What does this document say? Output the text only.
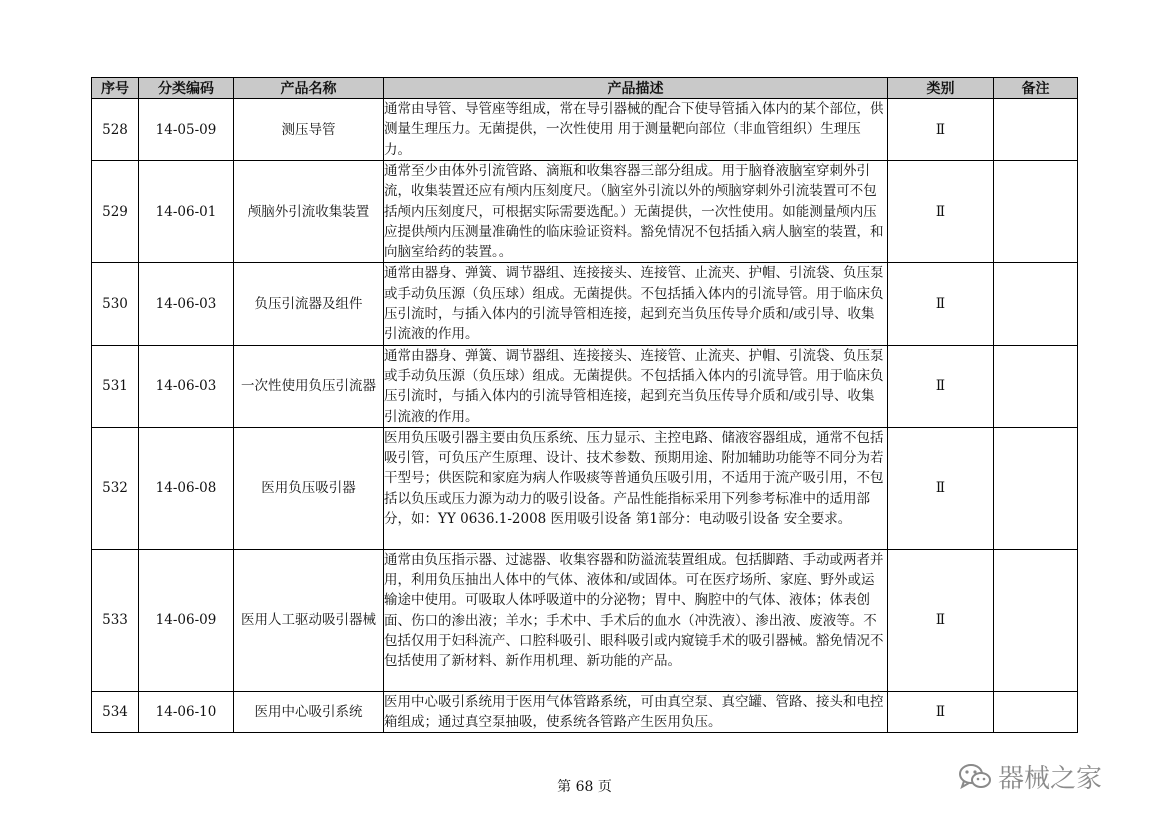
序号	分类编码	产品名称	产品描述	类别	备注
528	14-05-09	测压导管	通常由导管、导管座等组成，常在导引器械的配合下使导管插入体内的某个部位，供测量生理压力。无菌提供，一次性使用 用于测量靶向部位（非血管组织）生理压力。	Ⅱ	
529	14-06-01	颅脑外引流收集装置	通常至少由体外引流管路、滴瓶和收集容器三部分组成。用于脑脊液脑室穿刺外引流，收集装置还应有颅内压刻度尺。（脑室外引流以外的颅脑穿刺外引流装置可不包括颅内压刻度尺，可根据实际需要选配。）无菌提供，一次性使用。如能测量颅内压应提供颅内压测量准确性的临床验证资料。豁免情况不包括插入病人脑室的装置，和向脑室给药的装置。。	Ⅱ	
530	14-06-03	负压引流器及组件	通常由器身、弹簧、调节器组、连接接头、连接管、止流夹、护帽、引流袋、负压泵或手动负压源（负压球）组成。无菌提供。不包括插入体内的引流导管。用于临床负压引流时，与插入体内的引流导管相连接，起到充当负压传导介质和/或引导、收集引流液的作用。	Ⅱ	
531	14-06-03	一次性使用负压引流器	通常由器身、弹簧、调节器组、连接接头、连接管、止流夹、护帽、引流袋、负压泵或手动负压源（负压球）组成。无菌提供。不包括插入体内的引流导管。用于临床负压引流时，与插入体内的引流导管相连接，起到充当负压传导介质和/或引导、收集引流液的作用。	Ⅱ	
532	14-06-08	医用负压吸引器	医用负压吸引器主要由负压系统、压力显示、主控电路、储液容器组成，通常不包括吸引管，可负压产生原理、设计、技术参数、预期用途、附加辅助功能等不同分为若干型号；供医院和家庭为病人作吸痰等普通负压吸引用，不适用于流产吸引用，不包括以负压或压力源为动力的吸引设备。产品性能指标采用下列参考标准中的适用部分，如：YY 0636.1-2008 医用吸引设备 第1部分：电动吸引设备 安全要求。	Ⅱ	
533	14-06-09	医用人工驱动吸引器械	通常由负压指示器、过滤器、收集容器和防溢流装置组成。包括脚踏、手动或两者并用，利用负压抽出人体中的气体、液体和/或固体。可在医疗场所、家庭、野外或运输途中使用。可吸取人体呼吸道中的分泌物；胃中、胸腔中的气体、液体；体表创面、伤口的渗出液；羊水；手术中、手术后的血水（冲洗液）、渗出液、废液等。不包括仅用于妇科流产、口腔科吸引、眼科吸引或内窥镜手术的吸引器械。豁免情况不包括使用了新材料、新作用机理、新功能的产品。	Ⅱ	
534	14-06-10	医用中心吸引系统	医用中心吸引系统用于医用气体管路系统，可由真空泵、真空罐、管路、接头和电控箱组成；通过真空泵抽吸，使系统各管路产生医用负压。	Ⅱ	
第 68 页	器械之家
